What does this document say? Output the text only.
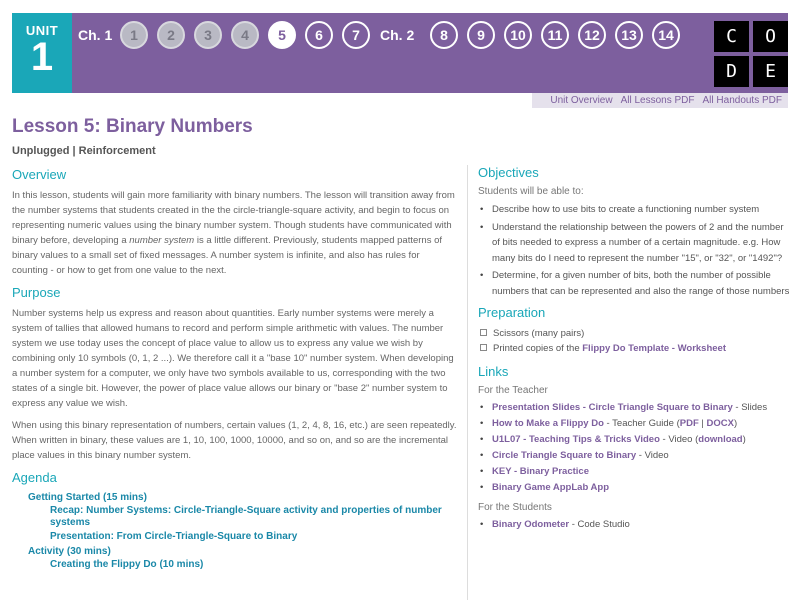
UNIT
1	Ch. 1	1	2	3	4	5	6	7	Ch. 2	8	9	10	11	12	13	14	C	O
D	E
Unit Overview All Lessons PDF All Handouts PDF
Lesson 5: Binary Numbers
Unplugged | Reinforcement
Overview

In this lesson, students will gain more familiarity with binary numbers. The lesson will transition away from the number systems that students created in the the circle-triangle-square activity, and begin to focus on representing numeric values using the binary number system. Though students have communicated with binary before, developing a number system is a little different. Previously, students mapped patterns of binary values to a small set of fixed messages. A number system is infinite, and also has rules for counting - or how to get from one value to the next.

Purpose

Number systems help us express and reason about quantities. Early number systems were merely a system of tallies that allowed humans to record and perform simple arithmetic with values. The number system we use today uses the concept of place value to allow us to express any value we wish by combining only 10 symbols (0, 1, 2 ...). We therefore call it a "base 10" number system. When developing a number system for a computer, we only have two symbols available to us, corresponding with the two states of a single bit. However, the power of place value allows our binary or "base 2" number system to express any value we wish.

When using this binary representation of numbers, certain values (1, 2, 4, 8, 16, etc.) are seen repeatedly. When written in binary, these values are 1, 10, 100, 1000, 10000, and so on, and so are the incremental place values in this binary number system.

Agenda
Getting Started (15 mins)
Recap: Number Systems: Circle-Triangle-Square activity and properties of number systems
Presentation: From Circle-Triangle-Square to Binary
Activity (30 mins)
Creating the Flippy Do (10 mins)
Objectives
Students will be able to:
• Describe how to use bits to create a functioning number system
• Understand the relationship between the powers of 2 and the number of bits needed to express a number of a certain magnitude. e.g. How many bits do I need to represent the number "15", or "32", or "1492"?
• Determine, for a given number of bits, both the number of possible numbers that can be represented and also the range of those numbers
Preparation
Scissors (many pairs)
Printed copies of the Flippy Do Template - Worksheet
Links
For the Teacher
• Presentation Slides - Circle Triangle Square to Binary - Slides
• How to Make a Flippy Do - Teacher Guide (PDF | DOCX)
• U1L07 - Teaching Tips & Tricks Video - Video (download)
• Circle Triangle Square to Binary - Video
• KEY - Binary Practice
• Binary Game AppLab App
For the Students
• Binary Odometer - Code Studio
